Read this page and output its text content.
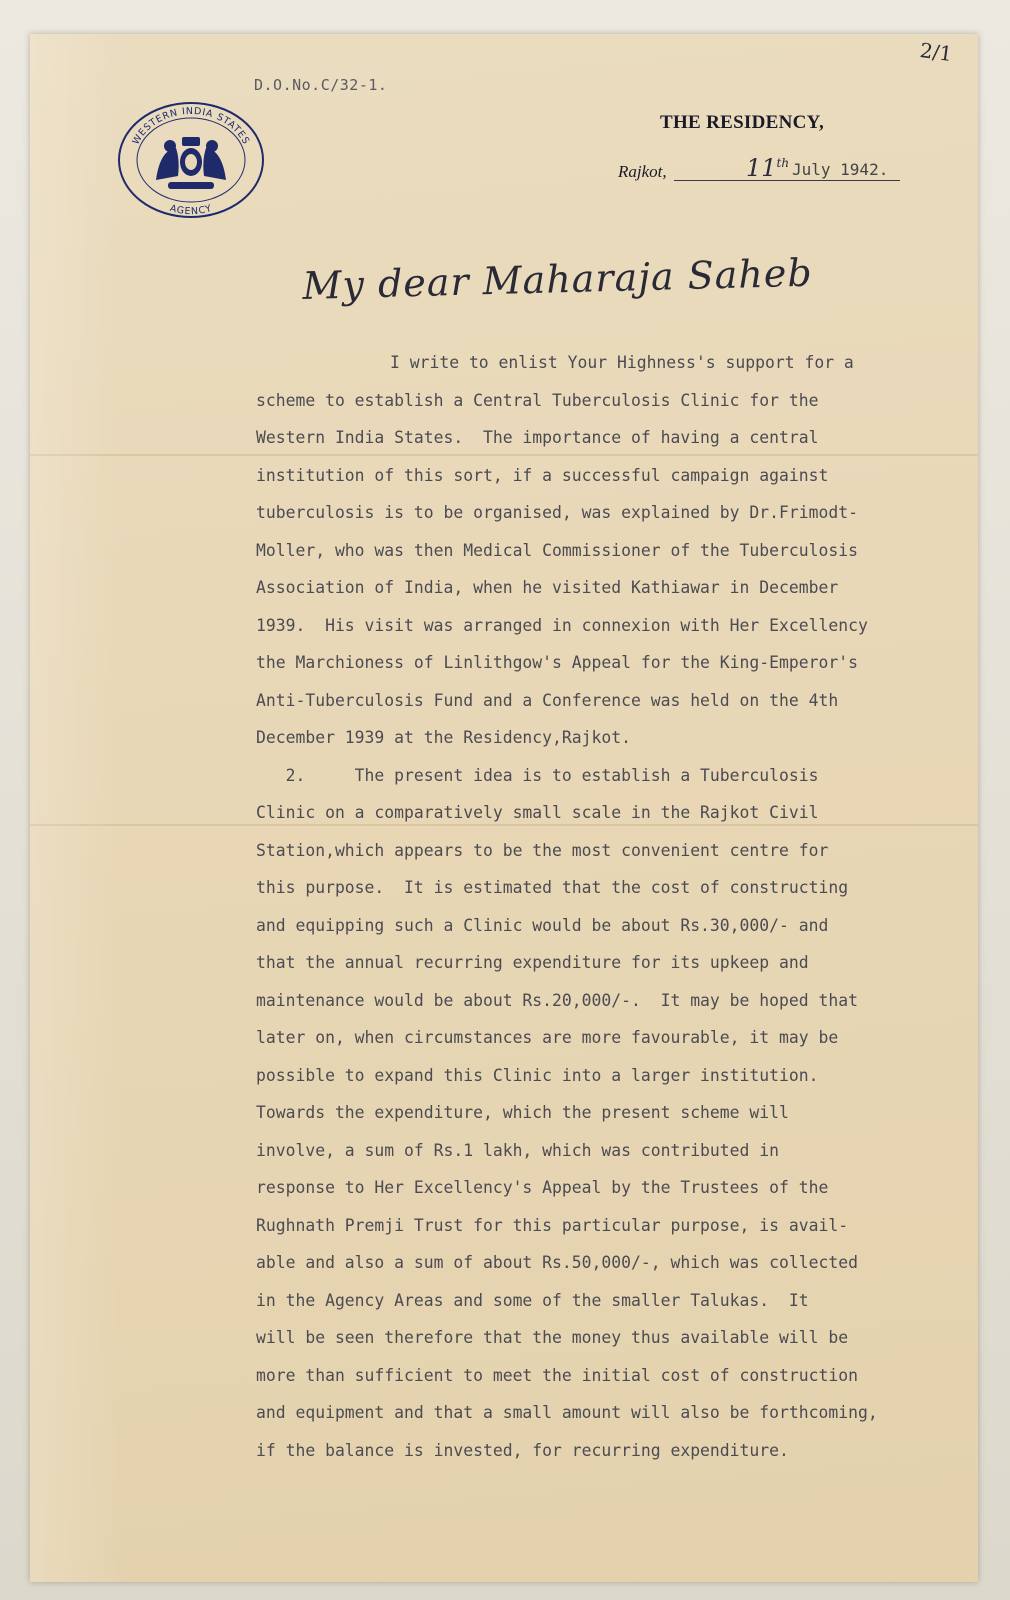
D.O.No.C/32-1.
2/1
WESTERN INDIA STATES
AGENCY
THE RESIDENCY,
Rajkot,	11th July 1942.
My dear Maharaja Saheb
I write to enlist Your Highness's support for a
scheme to establish a Central Tuberculosis Clinic for the
Western India States.  The importance of having a central
institution of this sort, if a successful campaign against
tuberculosis is to be organised, was explained by Dr.Frimodt-
Moller, who was then Medical Commissioner of the Tuberculosis
Association of India, when he visited Kathiawar in December
1939.  His visit was arranged in connexion with Her Excellency
the Marchioness of Linlithgow's Appeal for the King-Emperor's
Anti-Tuberculosis Fund and a Conference was held on the 4th
December 1939 at the Residency,Rajkot.
2.     The present idea is to establish a Tuberculosis
Clinic on a comparatively small scale in the Rajkot Civil
Station,which appears to be the most convenient centre for
this purpose.  It is estimated that the cost of constructing
and equipping such a Clinic would be about Rs.30,000/- and
that the annual recurring expenditure for its upkeep and
maintenance would be about Rs.20,000/-.  It may be hoped that
later on, when circumstances are more favourable, it may be
possible to expand this Clinic into a larger institution.
Towards the expenditure, which the present scheme will
involve, a sum of Rs.1 lakh, which was contributed in
response to Her Excellency's Appeal by the Trustees of the
Rughnath Premji Trust for this particular purpose, is avail-
able and also a sum of about Rs.50,000/-, which was collected
in the Agency Areas and some of the smaller Talukas.  It
will be seen therefore that the money thus available will be
more than sufficient to meet the initial cost of construction
and equipment and that a small amount will also be forthcoming,
if the balance is invested, for recurring expenditure.
